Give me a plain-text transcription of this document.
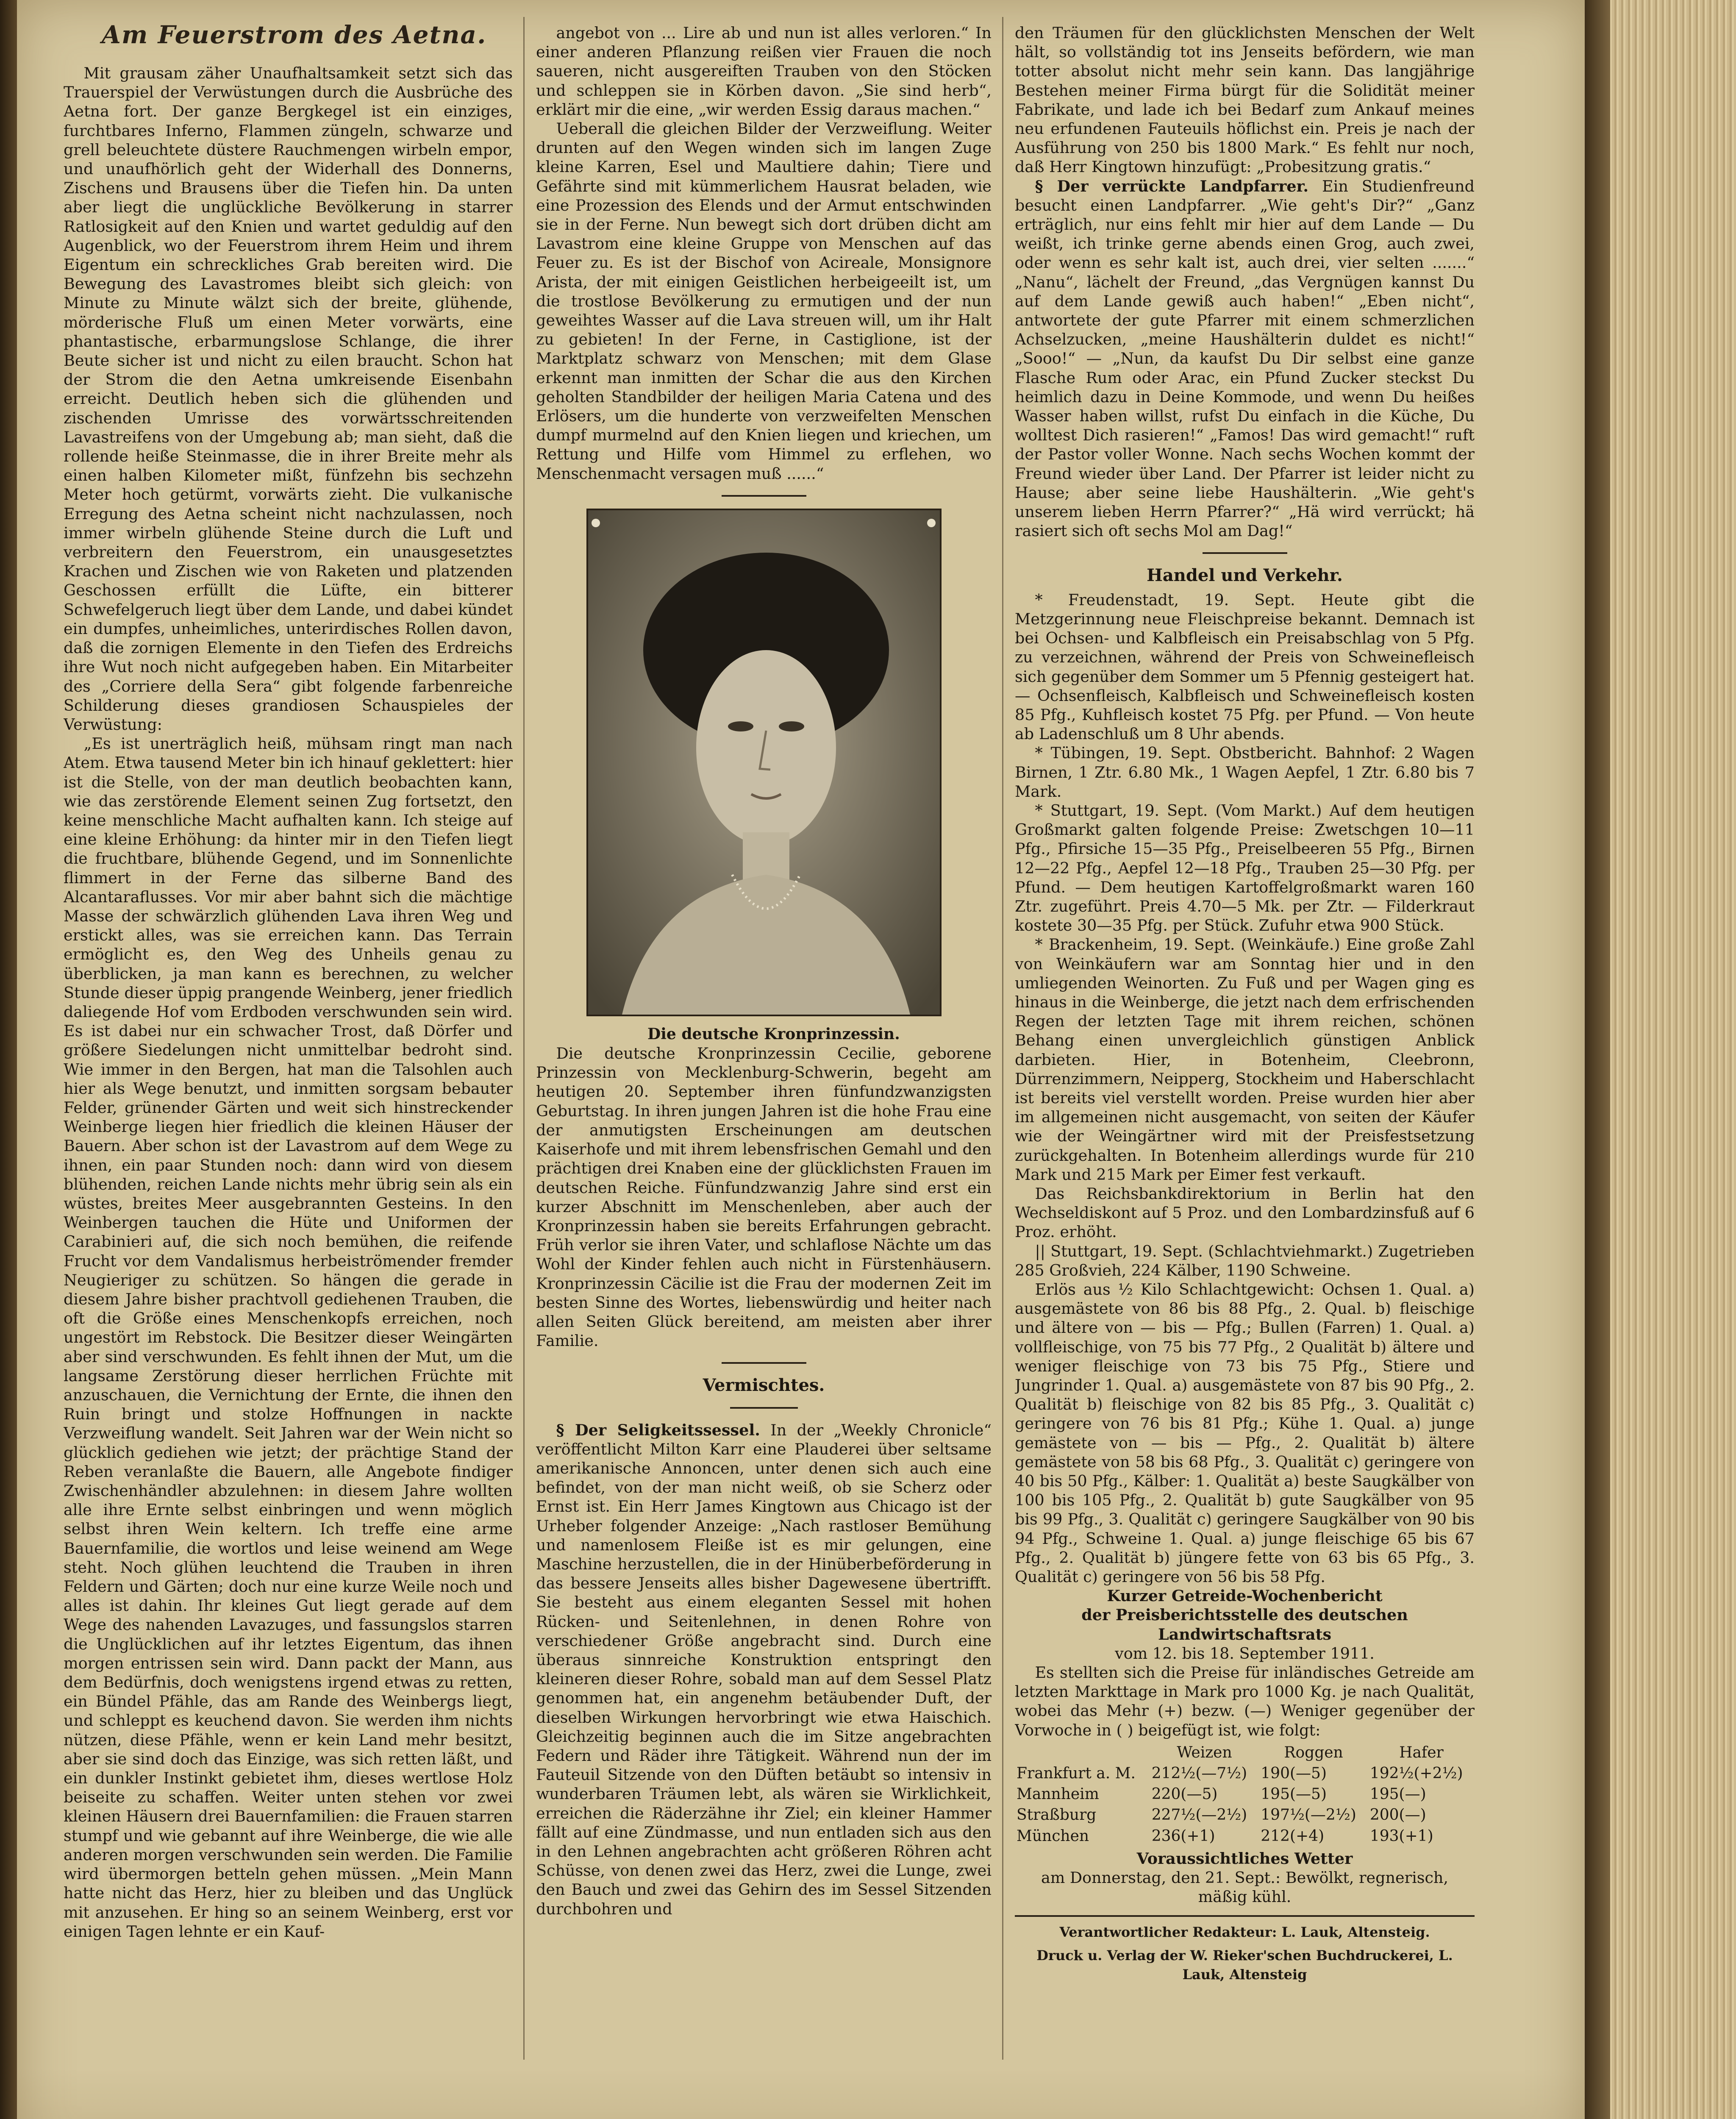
Am Feuerstrom des Aetna.

Mit grausam zäher Unaufhaltsamkeit setzt sich das Trauerspiel der Verwüstungen durch die Ausbrüche des Aetna fort. Der ganze Bergkegel ist ein einziges, furchtbares Inferno, Flammen züngeln, schwarze und grell beleuchtete düstere Rauchmengen wirbeln empor, und unaufhörlich geht der Widerhall des Donnerns, Zischens und Brausens über die Tiefen hin. Da unten aber liegt die unglückliche Bevölkerung in starrer Ratlosigkeit auf den Knien und wartet geduldig auf den Augenblick, wo der Feuerstrom ihrem Heim und ihrem Eigentum ein schreckliches Grab bereiten wird. Die Bewegung des Lavastromes bleibt sich gleich: von Minute zu Minute wälzt sich der breite, glühende, mörderische Fluß um einen Meter vorwärts, eine phantastische, erbarmungslose Schlange, die ihrer Beute sicher ist und nicht zu eilen braucht. Schon hat der Strom die den Aetna umkreisende Eisenbahn erreicht. Deutlich heben sich die glühenden und zischenden Umrisse des vorwärtsschreitenden Lavastreifens von der Umgebung ab; man sieht, daß die rollende heiße Steinmasse, die in ihrer Breite mehr als einen halben Kilometer mißt, fünfzehn bis sechzehn Meter hoch getürmt, vorwärts zieht. Die vulkanische Erregung des Aetna scheint nicht nachzulassen, noch immer wirbeln glühende Steine durch die Luft und verbreitern den Feuerstrom, ein unausgesetztes Krachen und Zischen wie von Raketen und platzenden Geschossen erfüllt die Lüfte, ein bitterer Schwefelgeruch liegt über dem Lande, und dabei kündet ein dumpfes, unheimliches, unterirdisches Rollen davon, daß die zornigen Elemente in den Tiefen des Erdreichs ihre Wut noch nicht aufgegeben haben. Ein Mitarbeiter des „Corriere della Sera“ gibt folgende farbenreiche Schilderung dieses grandiosen Schauspieles der Verwüstung:

„Es ist unerträglich heiß, mühsam ringt man nach Atem. Etwa tausend Meter bin ich hinauf geklettert: hier ist die Stelle, von der man deutlich beobachten kann, wie das zerstörende Element seinen Zug fortsetzt, den keine menschliche Macht aufhalten kann. Ich steige auf eine kleine Erhöhung: da hinter mir in den Tiefen liegt die fruchtbare, blühende Gegend, und im Sonnenlichte flimmert in der Ferne das silberne Band des Alcantaraflusses. Vor mir aber bahnt sich die mächtige Masse der schwärzlich glühenden Lava ihren Weg und erstickt alles, was sie erreichen kann. Das Terrain ermöglicht es, den Weg des Unheils genau zu überblicken, ja man kann es berechnen, zu welcher Stunde dieser üppig prangende Weinberg, jener friedlich daliegende Hof vom Erdboden verschwunden sein wird. Es ist dabei nur ein schwacher Trost, daß Dörfer und größere Siedelungen nicht unmittelbar bedroht sind. Wie immer in den Bergen, hat man die Talsohlen auch hier als Wege benutzt, und inmitten sorgsam bebauter Felder, grünender Gärten und weit sich hinstreckender Weinberge liegen hier friedlich die kleinen Häuser der Bauern. Aber schon ist der Lavastrom auf dem Wege zu ihnen, ein paar Stunden noch: dann wird von diesem blühenden, reichen Lande nichts mehr übrig sein als ein wüstes, breites Meer ausgebrannten Gesteins. In den Weinbergen tauchen die Hüte und Uniformen der Carabinieri auf, die sich noch bemühen, die reifende Frucht vor dem Vandalismus herbeiströmender fremder Neugieriger zu schützen. So hängen die gerade in diesem Jahre bisher prachtvoll gediehenen Trauben, die oft die Größe eines Menschenkopfs erreichen, noch ungestört im Rebstock. Die Besitzer dieser Weingärten aber sind verschwunden. Es fehlt ihnen der Mut, um die langsame Zerstörung dieser herrlichen Früchte mit anzuschauen, die Vernichtung der Ernte, die ihnen den Ruin bringt und stolze Hoffnungen in nackte Verzweiflung wandelt. Seit Jahren war der Wein nicht so glücklich gediehen wie jetzt; der prächtige Stand der Reben veranlaßte die Bauern, alle Angebote findiger Zwischenhändler abzulehnen: in diesem Jahre wollten alle ihre Ernte selbst einbringen und wenn möglich selbst ihren Wein keltern. Ich treffe eine arme Bauernfamilie, die wortlos und leise weinend am Wege steht. Noch glühen leuchtend die Trauben in ihren Feldern und Gärten; doch nur eine kurze Weile noch und alles ist dahin. Ihr kleines Gut liegt gerade auf dem Wege des nahenden Lavazuges, und fassungslos starren die Unglücklichen auf ihr letztes Eigentum, das ihnen morgen entrissen sein wird. Dann packt der Mann, aus dem Bedürfnis, doch wenigstens irgend etwas zu retten, ein Bündel Pfähle, das am Rande des Weinbergs liegt, und schleppt es keuchend davon. Sie werden ihm nichts nützen, diese Pfähle, wenn er kein Land mehr besitzt, aber sie sind doch das Einzige, was sich retten läßt, und ein dunkler Instinkt gebietet ihm, dieses wertlose Holz beiseite zu schaffen. Weiter unten stehen vor zwei kleinen Häusern drei Bauernfamilien: die Frauen starren stumpf und wie gebannt auf ihre Weinberge, die wie alle anderen morgen verschwunden sein werden. Die Familie wird übermorgen betteln gehen müssen. „Mein Mann hatte nicht das Herz, hier zu bleiben und das Unglück mit anzusehen. Er hing so an seinem Weinberg, erst vor einigen Tagen lehnte er ein Kauf-

angebot von ... Lire ab und nun ist alles verloren.“ In einer anderen Pflanzung reißen vier Frauen die noch saueren, nicht ausgereiften Trauben von den Stöcken und schleppen sie in Körben davon. „Sie sind herb“, erklärt mir die eine, „wir werden Essig daraus machen.“

Ueberall die gleichen Bilder der Verzweiflung. Weiter drunten auf den Wegen winden sich im langen Zuge kleine Karren, Esel und Maultiere dahin; Tiere und Gefährte sind mit kümmerlichem Hausrat beladen, wie eine Prozession des Elends und der Armut entschwinden sie in der Ferne. Nun bewegt sich dort drüben dicht am Lavastrom eine kleine Gruppe von Menschen auf das Feuer zu. Es ist der Bischof von Acireale, Monsignore Arista, der mit einigen Geistlichen herbeigeeilt ist, um die trostlose Bevölkerung zu ermutigen und der nun geweihtes Wasser auf die Lava streuen will, um ihr Halt zu gebieten! In der Ferne, in Castiglione, ist der Marktplatz schwarz von Menschen; mit dem Glase erkennt man inmitten der Schar die aus den Kirchen geholten Standbilder der heiligen Maria Catena und des Erlösers, um die hunderte von verzweifelten Menschen dumpf murmelnd auf den Knien liegen und kriechen, um Rettung und Hilfe vom Himmel zu erflehen, wo Menschenmacht versagen muß ......“

Die deutsche Kronprinzessin.

Die deutsche Kronprinzessin Cecilie, geborene Prinzessin von Mecklenburg-Schwerin, begeht am heutigen 20. September ihren fünfundzwanzigsten Geburtstag. In ihren jungen Jahren ist die hohe Frau eine der anmutigsten Erscheinungen am deutschen Kaiserhofe und mit ihrem lebensfrischen Gemahl und den prächtigen drei Knaben eine der glücklichsten Frauen im deutschen Reiche. Fünfundzwanzig Jahre sind erst ein kurzer Abschnitt im Menschenleben, aber auch der Kronprinzessin haben sie bereits Erfahrungen gebracht. Früh verlor sie ihren Vater, und schlaflose Nächte um das Wohl der Kinder fehlen auch nicht in Fürstenhäusern. Kronprinzessin Cäcilie ist die Frau der modernen Zeit im besten Sinne des Wortes, liebenswürdig und heiter nach allen Seiten Glück bereitend, am meisten aber ihrer Familie.

Vermischtes.

§ Der Seligkeitssessel. In der „Weekly Chronicle“ veröffentlicht Milton Karr eine Plauderei über seltsame amerikanische Annoncen, unter denen sich auch eine befindet, von der man nicht weiß, ob sie Scherz oder Ernst ist. Ein Herr James Kingtown aus Chicago ist der Urheber folgender Anzeige: „Nach rastloser Bemühung und namenlosem Fleiße ist es mir gelungen, eine Maschine herzustellen, die in der Hinüberbeförderung in das bessere Jenseits alles bisher Dagewesene übertrifft. Sie besteht aus einem eleganten Sessel mit hohen Rücken- und Seitenlehnen, in denen Rohre von verschiedener Größe angebracht sind. Durch eine überaus sinnreiche Konstruktion entspringt den kleineren dieser Rohre, sobald man auf dem Sessel Platz genommen hat, ein angenehm betäubender Duft, der dieselben Wirkungen hervorbringt wie etwa Haischich. Gleichzeitig beginnen auch die im Sitze angebrachten Federn und Räder ihre Tätigkeit. Während nun der im Fauteuil Sitzende von den Düften betäubt so intensiv in wunderbaren Träumen lebt, als wären sie Wirklichkeit, erreichen die Räderzähne ihr Ziel; ein kleiner Hammer fällt auf eine Zündmasse, und nun entladen sich aus den in den Lehnen angebrachten acht größeren Röhren acht Schüsse, von denen zwei das Herz, zwei die Lunge, zwei den Bauch und zwei das Gehirn des im Sessel Sitzenden durchbohren und

den Träumen für den glücklichsten Menschen der Welt hält, so vollständig tot ins Jenseits befördern, wie man totter absolut nicht mehr sein kann. Das langjährige Bestehen meiner Firma bürgt für die Solidität meiner Fabrikate, und lade ich bei Bedarf zum Ankauf meines neu erfundenen Fauteuils höflichst ein. Preis je nach der Ausführung von 250 bis 1800 Mark.“ Es fehlt nur noch, daß Herr Kingtown hinzufügt: „Probesitzung gratis.“

§ Der verrückte Landpfarrer. Ein Studienfreund besucht einen Landpfarrer. „Wie geht's Dir?“ „Ganz erträglich, nur eins fehlt mir hier auf dem Lande — Du weißt, ich trinke gerne abends einen Grog, auch zwei, oder wenn es sehr kalt ist, auch drei, vier selten .......“ „Nanu“, lächelt der Freund, „das Vergnügen kannst Du auf dem Lande gewiß auch haben!“ „Eben nicht“, antwortete der gute Pfarrer mit einem schmerzlichen Achselzucken, „meine Haushälterin duldet es nicht!“ „Sooo!“ — „Nun, da kaufst Du Dir selbst eine ganze Flasche Rum oder Arac, ein Pfund Zucker steckst Du heimlich dazu in Deine Kommode, und wenn Du heißes Wasser haben willst, rufst Du einfach in die Küche, Du wolltest Dich rasieren!“ „Famos! Das wird gemacht!“ ruft der Pastor voller Wonne. Nach sechs Wochen kommt der Freund wieder über Land. Der Pfarrer ist leider nicht zu Hause; aber seine liebe Haushälterin. „Wie geht's unserem lieben Herrn Pfarrer?“ „Hä wird verrückt; hä rasiert sich oft sechs Mol am Dag!“

Handel und Verkehr.

* Freudenstadt, 19. Sept. Heute gibt die Metzgerinnung neue Fleischpreise bekannt. Demnach ist bei Ochsen- und Kalbfleisch ein Preisabschlag von 5 Pfg. zu verzeichnen, während der Preis von Schweinefleisch sich gegenüber dem Sommer um 5 Pfennig gesteigert hat. — Ochsenfleisch, Kalbfleisch und Schweinefleisch kosten 85 Pfg., Kuhfleisch kostet 75 Pfg. per Pfund. — Von heute ab Ladenschluß um 8 Uhr abends.

* Tübingen, 19. Sept. Obstbericht. Bahnhof: 2 Wagen Birnen, 1 Ztr. 6.80 Mk., 1 Wagen Aepfel, 1 Ztr. 6.80 bis 7 Mark.

* Stuttgart, 19. Sept. (Vom Markt.) Auf dem heutigen Großmarkt galten folgende Preise: Zwetschgen 10—11 Pfg., Pfirsiche 15—35 Pfg., Preiselbeeren 55 Pfg., Birnen 12—22 Pfg., Aepfel 12—18 Pfg., Trauben 25—30 Pfg. per Pfund. — Dem heutigen Kartoffelgroßmarkt waren 160 Ztr. zugeführt. Preis 4.70—5 Mk. per Ztr. — Filderkraut kostete 30—35 Pfg. per Stück. Zufuhr etwa 900 Stück.

* Brackenheim, 19. Sept. (Weinkäufe.) Eine große Zahl von Weinkäufern war am Sonntag hier und in den umliegenden Weinorten. Zu Fuß und per Wagen ging es hinaus in die Weinberge, die jetzt nach dem erfrischenden Regen der letzten Tage mit ihrem reichen, schönen Behang einen unvergleichlich günstigen Anblick darbieten. Hier, in Botenheim, Cleebronn, Dürrenzimmern, Neipperg, Stockheim und Haberschlacht ist bereits viel verstellt worden. Preise wurden hier aber im allgemeinen nicht ausgemacht, von seiten der Käufer wie der Weingärtner wird mit der Preisfestsetzung zurückgehalten. In Botenheim allerdings wurde für 210 Mark und 215 Mark per Eimer fest verkauft.

Das Reichsbankdirektorium in Berlin hat den Wechseldiskont auf 5 Proz. und den Lombardzinsfuß auf 6 Proz. erhöht.

|| Stuttgart, 19. Sept. (Schlachtviehmarkt.) Zugetrieben 285 Großvieh, 224 Kälber, 1190 Schweine.

Erlös aus ½ Kilo Schlachtgewicht: Ochsen 1. Qual. a) ausgemästete von 86 bis 88 Pfg., 2. Qual. b) fleischige und ältere von — bis — Pfg.; Bullen (Farren) 1. Qual. a) vollfleischige, von 75 bis 77 Pfg., 2 Qualität b) ältere und weniger fleischige von 73 bis 75 Pfg., Stiere und Jungrinder 1. Qual. a) ausgemästete von 87 bis 90 Pfg., 2. Qualität b) fleischige von 82 bis 85 Pfg., 3. Qualität c) geringere von 76 bis 81 Pfg.; Kühe 1. Qual. a) junge gemästete von — bis — Pfg., 2. Qualität b) ältere gemästete von 58 bis 68 Pfg., 3. Qualität c) geringere von 40 bis 50 Pfg., Kälber: 1. Qualität a) beste Saugkälber von 100 bis 105 Pfg., 2. Qualität b) gute Saugkälber von 95 bis 99 Pfg., 3. Qualität c) geringere Saugkälber von 90 bis 94 Pfg., Schweine 1. Qual. a) junge fleischige 65 bis 67 Pfg., 2. Qualität b) jüngere fette von 63 bis 65 Pfg., 3. Qualität c) geringere von 56 bis 58 Pfg.

Kurzer Getreide-Wochenbericht

der Preisberichtsstelle des deutschen Landwirtschaftsrats

vom 12. bis 18. September 1911.

Es stellten sich die Preise für inländisches Getreide am letzten Markttage in Mark pro 1000 Kg. je nach Qualität, wobei das Mehr (+) bezw. (—) Weniger gegenüber der Vorwoche in ( ) beigefügt ist, wie folgt:

	Weizen	Roggen	Hafer
Frankfurt a. M.	212½(—7½)	190(—5)	192½(+2½)
Mannheim	220(—5)	195(—5)	195(—)
Straßburg	227½(—2½)	197½(—2½)	200(—)
München	236(+1)	212(+4)	193(+1)

Voraussichtliches Wetter

am Donnerstag, den 21. Sept.: Bewölkt, regnerisch, mäßig kühl.

Verantwortlicher Redakteur: L. Lauk, Altensteig.
Druck u. Verlag der W. Rieker'schen Buchdruckerei, L. Lauk, Altensteig
